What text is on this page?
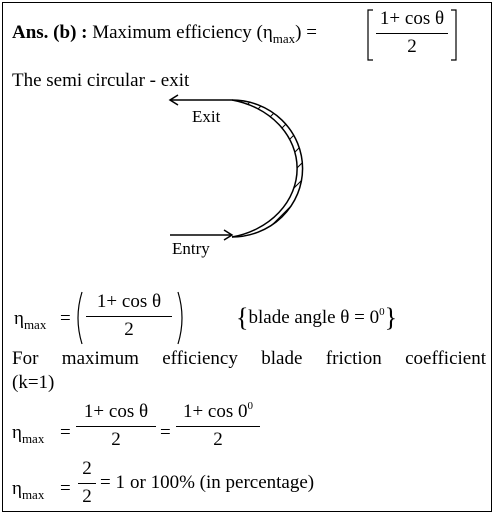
Ans. (b) : Maximum efficiency $(\eta_{max})$ =	$\frac{\text{1+ cos θ}}{2}$
The semi circular - exit
Exit
Entry
$\eta_{max} = \frac{\text{1+ cos θ}}{2}$ {blade angle $\theta = 0^0$}
For maximum efficiency blade friction coefficient
(k=1)
$\eta_{max} = \frac{\text{1+ cos θ}}{2} = \frac{1+ \cos 0^0}{2}$
$\eta_{max} = \frac{2}{2} = 1$ or 100% (in percentage)
